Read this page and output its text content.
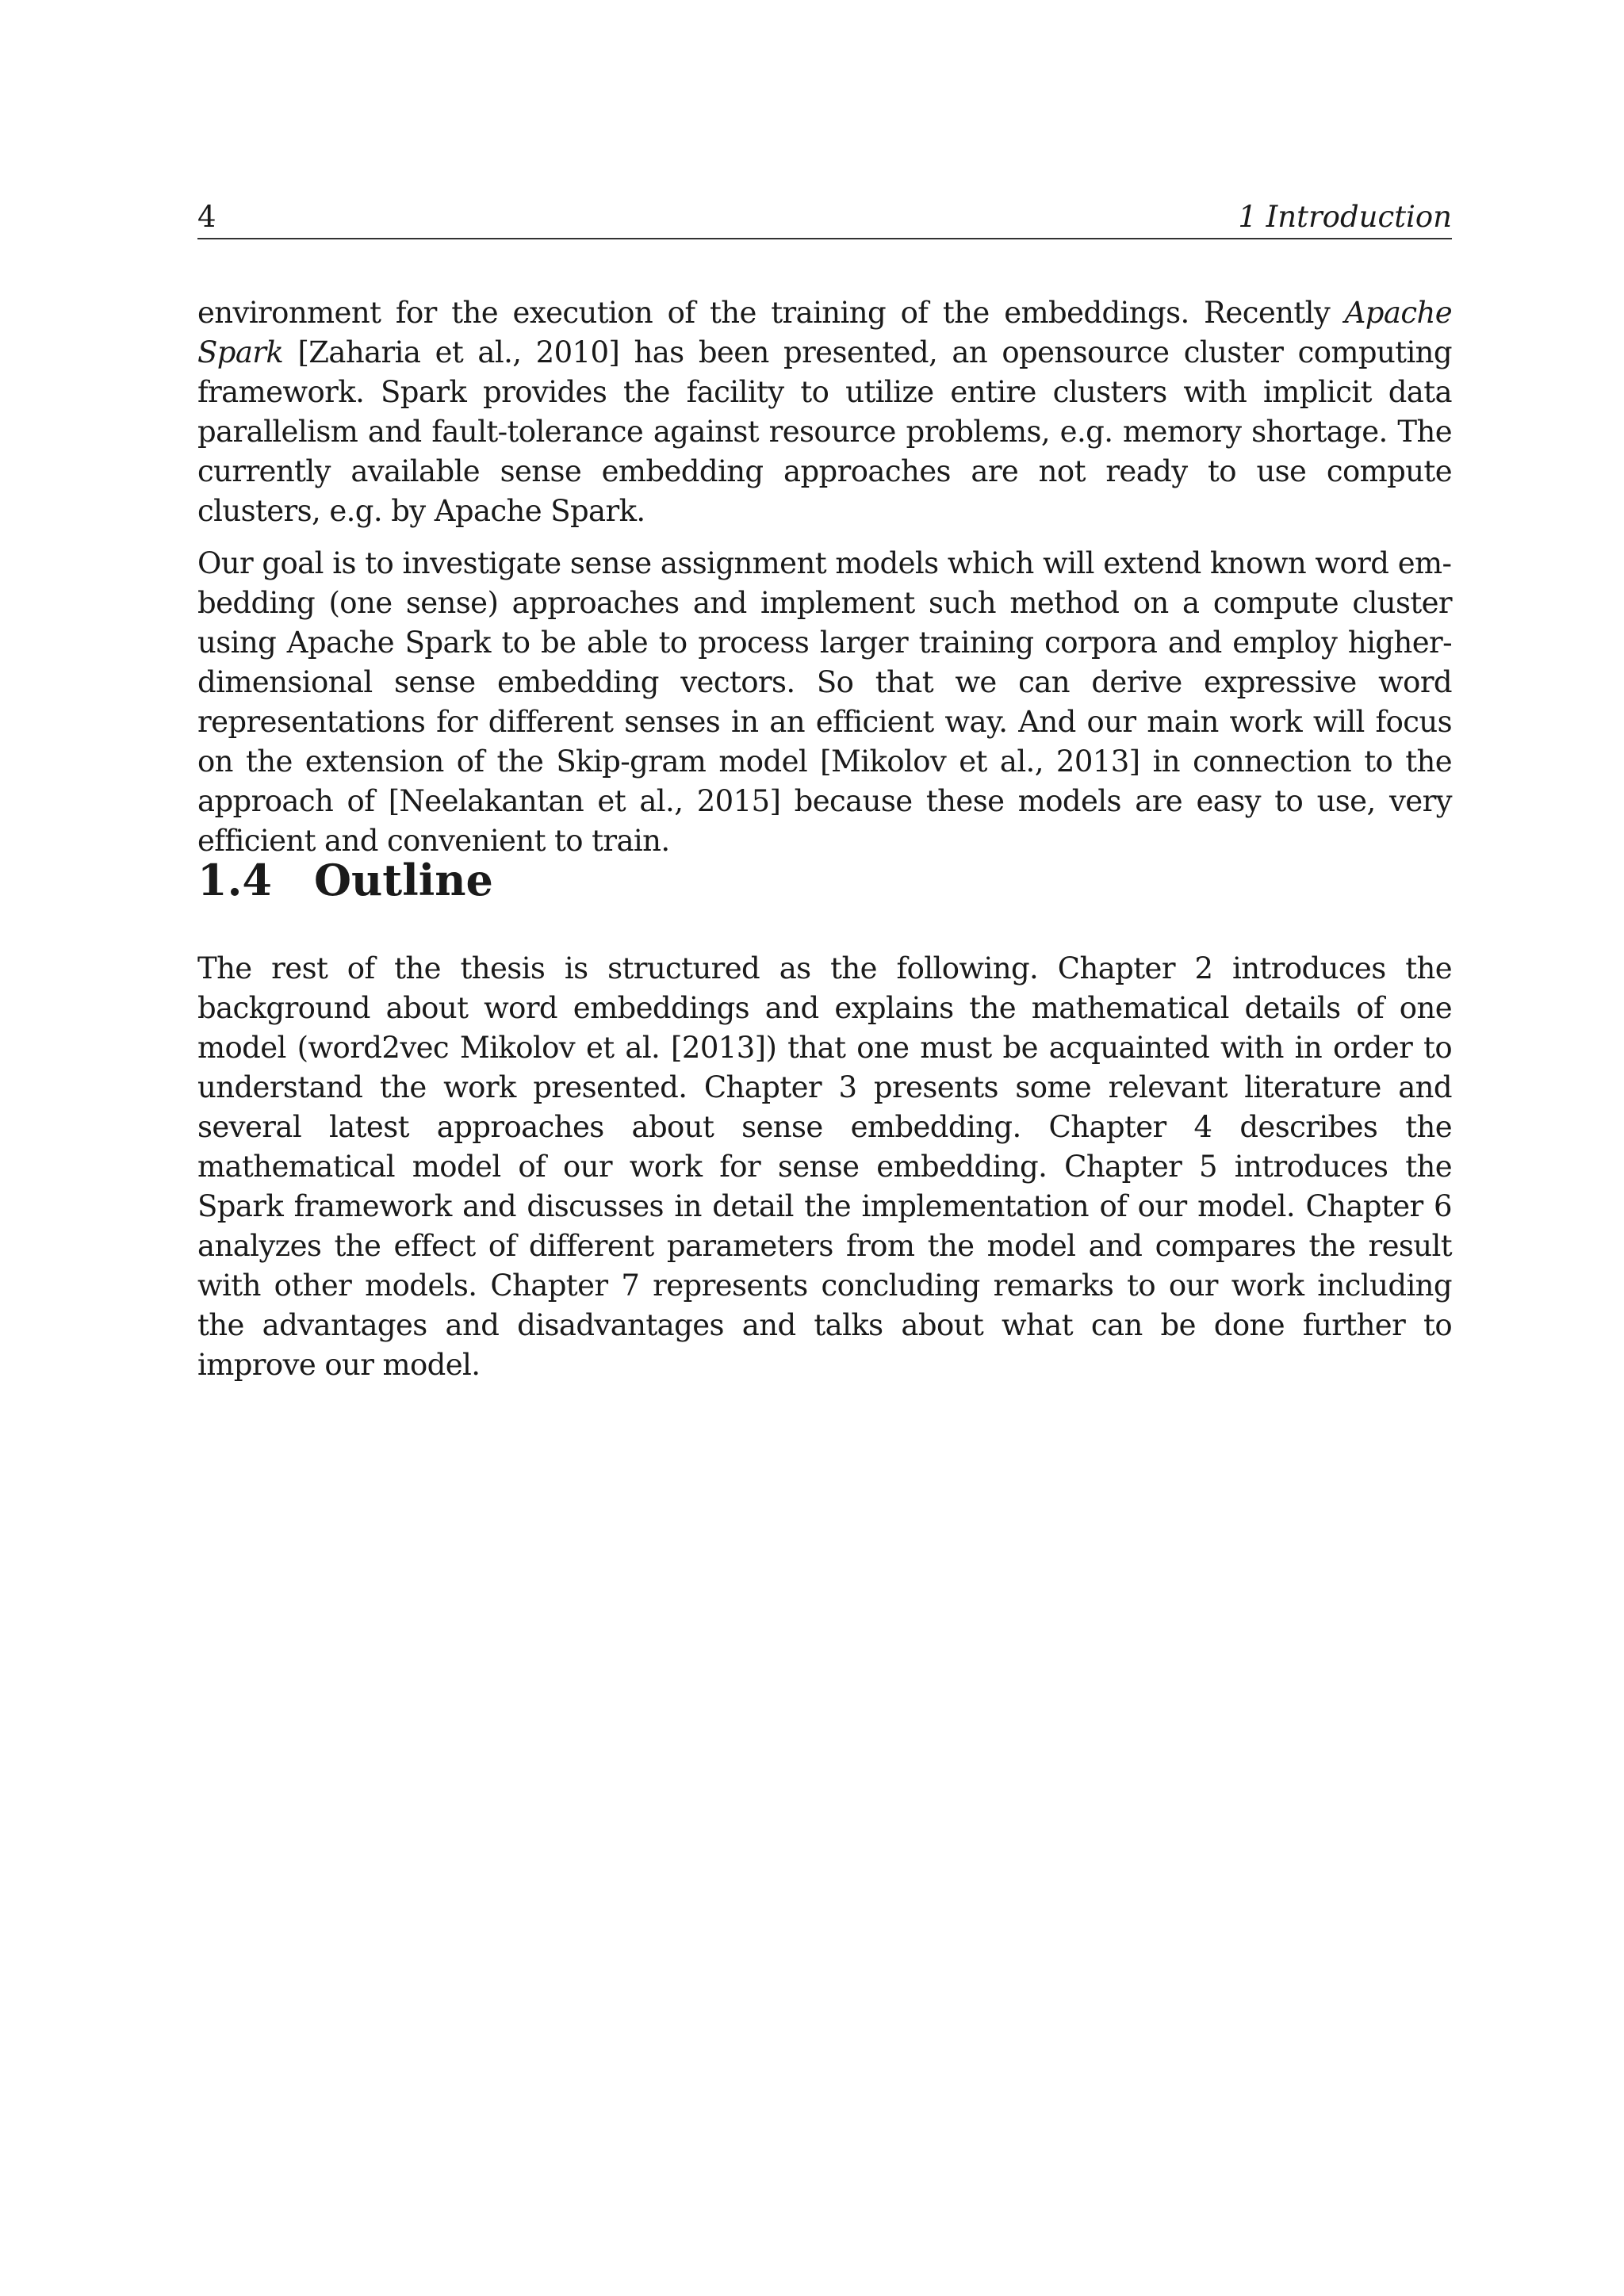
4	1 Introduction

environment for the execution of the training of the embeddings. Recently Apache Spark [Zaharia et al., 2010] has been presented, an opensource cluster computing framework. Spark provides the facility to utilize entire clusters with implicit data parallelism and fault-tolerance against resource problems, e.g. memory shortage. The currently available sense embedding approaches are not ready to use compute clusters, e.g. by Apache Spark.

Our goal is to investigate sense assignment models which will extend known word embedding (one sense) approaches and implement such method on a compute cluster using Apache Spark to be able to process larger training corpora and employ higher-dimensional sense embedding vectors. So that we can derive expressive word representations for different senses in an efficient way. And our main work will focus on the extension of the Skip-gram model [Mikolov et al., 2013] in connection to the approach of [Neelakantan et al., 2015] because these models are easy to use, very efficient and convenient to train.

1.4 Outline

The rest of the thesis is structured as the following. Chapter 2 introduces the background about word embeddings and explains the mathematical details of one model (word2vec Mikolov et al. [2013]) that one must be acquainted with in order to understand the work presented. Chapter 3 presents some relevant literature and several latest approaches about sense embedding. Chapter 4 describes the mathematical model of our work for sense embedding. Chapter 5 introduces the Spark framework and discusses in detail the implementation of our model. Chapter 6 analyzes the effect of different parameters from the model and compares the result with other models. Chapter 7 represents concluding remarks to our work including the advantages and disadvantages and talks about what can be done further to improve our model.
